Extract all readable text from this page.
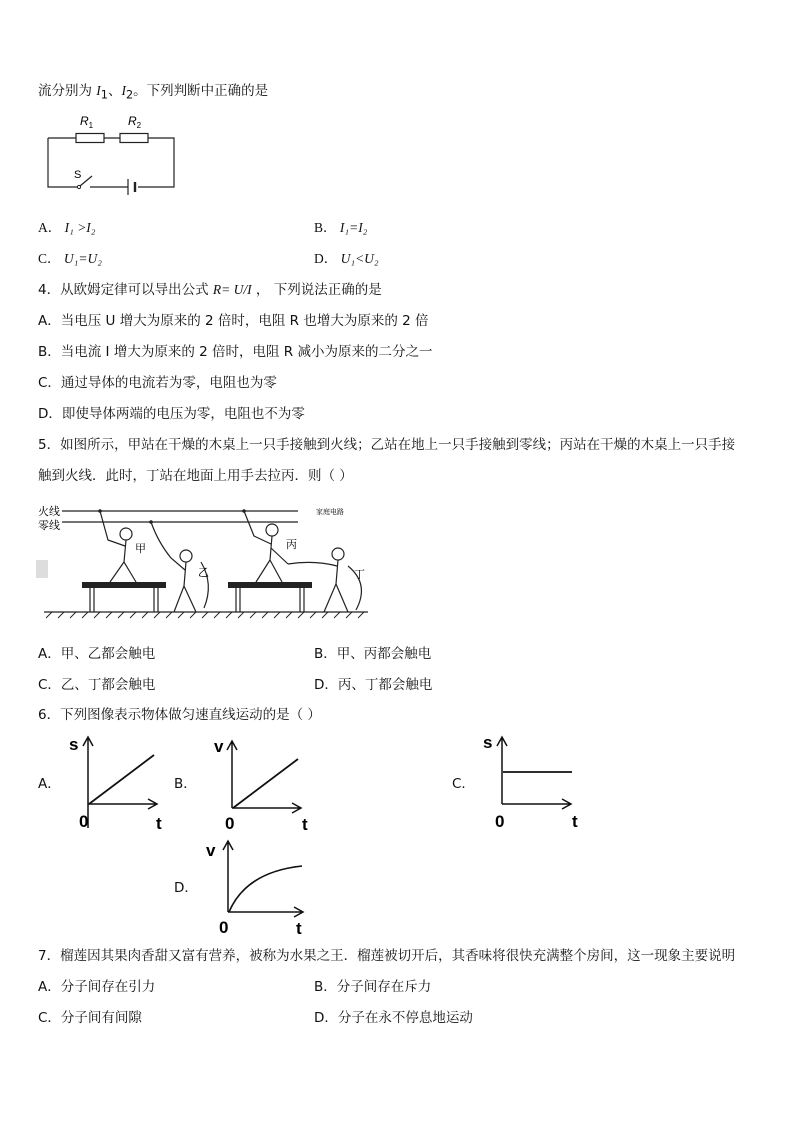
流分别为 $I_1$、$I_2$。下列判断中正确的是
$R_1$	$R_2$
S
A． I₁ >I₂	B． I₁=I₂
C． U₁=U₂	D． U₁<U₂
4．从欧姆定律可以导出公式 R= U/I ， 下列说法正确的是
A．当电压 U 增大为原来的 2 倍时，电阻 R 也增大为原来的 2 倍
B．当电流 I 增大为原来的 2 倍时，电阻 R 减小为原来的二分之一
C．通过导体的电流若为零，电阻也为零
D．即使导体两端的电压为零，电阻也不为零
5．如图所示，甲站在干燥的木桌上一只手接触到火线；乙站在地上一只手接触到零线；丙站在干燥的木桌上一只手接
触到火线．此时，丁站在地面上用手去拉丙．则（ ）
火线
零线
家庭电路
甲
乙
丙
丁
A．甲、乙都会触电	B．甲、丙都会触电
C．乙、丁都会触电	D．丙、丁都会触电
6．下列图像表示物体做匀速直线运动的是（ ）
A．
s
t
0
B．
v
t
0
C．
s
t
0
D．
v
t
0
7．榴莲因其果肉香甜又富有营养，被称为水果之王．榴莲被切开后，其香味将很快充满整个房间，这一现象主要说明
A．分子间存在引力	B．分子间存在斥力
C．分子间有间隙	D．分子在永不停息地运动
